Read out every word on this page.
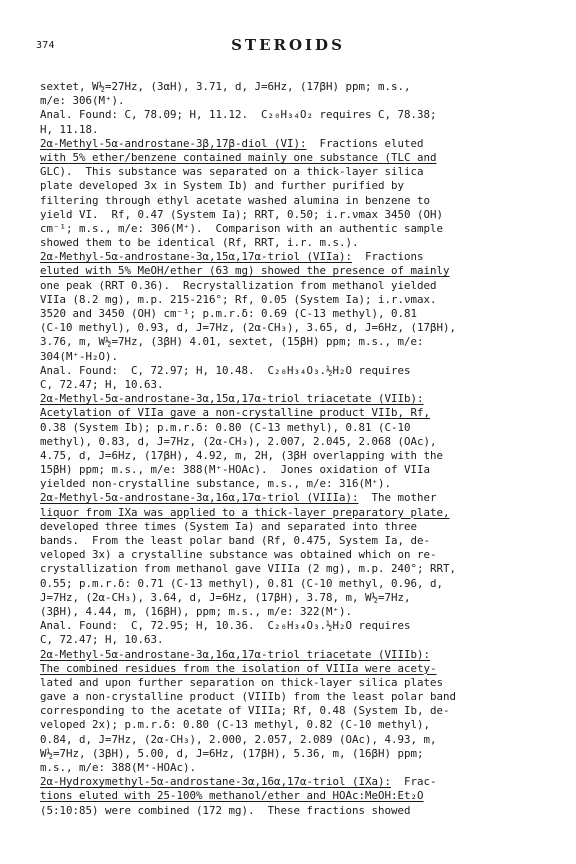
374	STEROIDS
sextet, W½=27Hz, (3αH), 3.71, d, J=6Hz, (17βH) ppm; m.s.,
m/e: 306(M⁺).
Anal. Found: C, 78.09; H, 11.12.  C₂₀H₃₄O₂ requires C, 78.38;
H, 11.18.
2α-Methyl-5α-androstane-3β,17β-diol (VI):  Fractions eluted
with 5% ether/benzene contained mainly one substance (TLC and
GLC).  This substance was separated on a thick-layer silica
plate developed 3x in System Ib) and further purified by
filtering through ethyl acetate washed alumina in benzene to
yield VI.  Rf, 0.47 (System Ia); RRT, 0.50; i.r.νmax 3450 (OH)
cm⁻¹; m.s., m/e: 306(M⁺).  Comparison with an authentic sample
showed them to be identical (Rf, RRT, i.r. m.s.).
2α-Methyl-5α-androstane-3α,15α,17α-triol (VIIa):  Fractions
eluted with 5% MeOH/ether (63 mg) showed the presence of mainly
one peak (RRT 0.36).  Recrystallization from methanol yielded
VIIa (8.2 mg), m.p. 215-216°; Rf, 0.05 (System Ia); i.r.νmax.
3520 and 3450 (OH) cm⁻¹; p.m.r.δ: 0.69 (C-13 methyl), 0.81
(C-10 methyl), 0.93, d, J=7Hz, (2α-CH₃), 3.65, d, J=6Hz, (17βH),
3.76, m, W½=7Hz, (3βH) 4.01, sextet, (15βH) ppm; m.s., m/e:
304(M⁺-H₂O).
Anal. Found:  C, 72.97; H, 10.48.  C₂₀H₃₄O₃.½H₂O requires
C, 72.47; H, 10.63.
2α-Methyl-5α-androstane-3α,15α,17α-triol triacetate (VIIb):
Acetylation of VIIa gave a non-crystalline product VIIb, Rf,
0.38 (System Ib); p.m.r.δ: 0.80 (C-13 methyl), 0.81 (C-10
methyl), 0.83, d, J=7Hz, (2α-CH₃), 2.007, 2.045, 2.068 (OAc),
4.75, d, J=6Hz, (17βH), 4.92, m, 2H, (3βH overlapping with the
15βH) ppm; m.s., m/e: 388(M⁺-HOAc).  Jones oxidation of VIIa
yielded non-crystalline substance, m.s., m/e: 316(M⁺).
2α-Methyl-5α-androstane-3α,16α,17α-triol (VIIIa):  The mother
liquor from IXa was applied to a thick-layer preparatory plate,
developed three times (System Ia) and separated into three
bands.  From the least polar band (Rf, 0.475, System Ia, de-
veloped 3x) a crystalline substance was obtained which on re-
crystallization from methanol gave VIIIa (2 mg), m.p. 240°; RRT,
0.55; p.m.r.δ: 0.71 (C-13 methyl), 0.81 (C-10 methyl, 0.96, d,
J=7Hz, (2α-CH₃), 3.64, d, J=6Hz, (17βH), 3.78, m, W½=7Hz,
(3βH), 4.44, m, (16βH), ppm; m.s., m/e: 322(M⁺).
Anal. Found:  C, 72.95; H, 10.36.  C₂₀H₃₄O₃.½H₂O requires
C, 72.47; H, 10.63.
2α-Methyl-5α-androstane-3α,16α,17α-triol triacetate (VIIIb):
The combined residues from the isolation of VIIIa were acety-
lated and upon further separation on thick-layer silica plates
gave a non-crystalline product (VIIIb) from the least polar band
corresponding to the acetate of VIIIa; Rf, 0.48 (System Ib, de-
veloped 2x); p.m.r.δ: 0.80 (C-13 methyl, 0.82 (C-10 methyl),
0.84, d, J=7Hz, (2α-CH₃), 2.000, 2.057, 2.089 (OAc), 4.93, m,
W½=7Hz, (3βH), 5.00, d, J=6Hz, (17βH), 5.36, m, (16βH) ppm;
m.s., m/e: 388(M⁺-HOAc).
2α-Hydroxymethyl-5α-androstane-3α,16α,17α-triol (IXa):  Frac-
tions eluted with 25-100% methanol/ether and HOAc:MeOH:Et₂O
(5:10:85) were combined (172 mg).  These fractions showed
